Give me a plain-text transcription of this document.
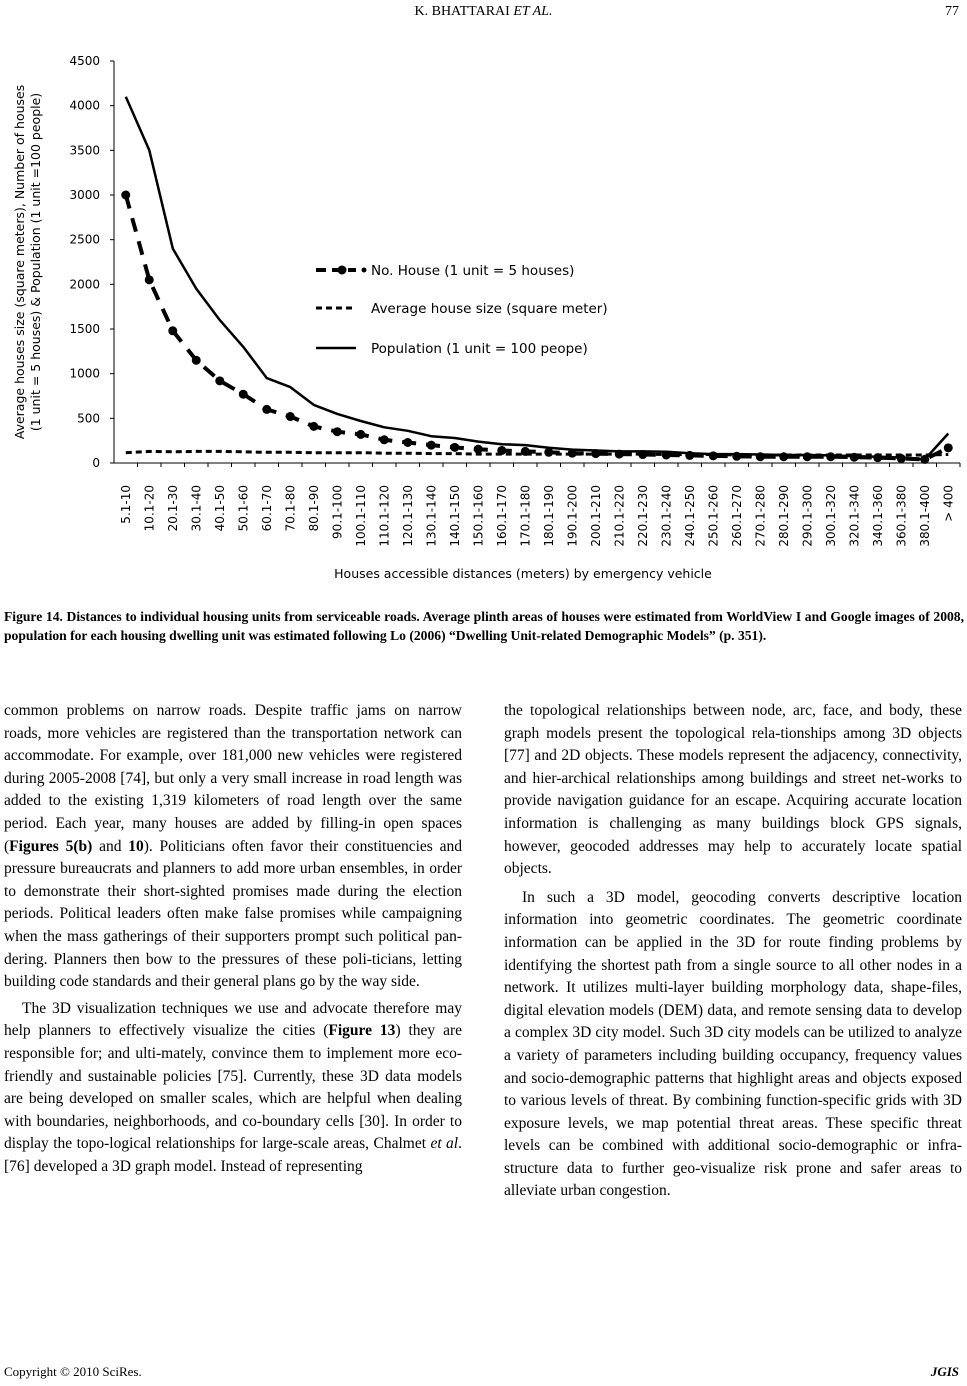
K. BHATTARAI ET AL.	77
0
500
1000
1500
2000
2500
3000
3500
4000
4500
5.1-10 10.1-20 20.1-30 30.1-40 40.1-50 50.1-60 60.1-70 70.1-80 80.1-90 90.1-100 100.1-110 110.1-120 120.1-130 130.1-140 140.1-150 150.1-160 160.1-170 170.1-180 180.1-190 190.1-200 200.1-210 210.1-220 220.1-230 230.1-240 240.1-250 250.1-260 260.1-270 270.1-280 280.1-290 290.1-300 300.1-320 320.1-340 340.1-360 360.1-380 380.1-400 > 400
Houses accessible distances (meters) by emergency vehicle
Average houses size (square meters), Number of houses (1 unit = 5 houses) & Population (1 unit =100 people)	No. House (1 unit = 5 houses)
Average house size (square meter)
Population (1 unit = 100 peope)
Figure 14. Distances to individual housing units from serviceable roads. Average plinth areas of houses were estimated from WorldView I and Google images of 2008, population for each housing dwelling unit was estimated following Lo (2006) “Dwelling Unit-related Demographic Models” (p. 351).

common problems on narrow roads. Despite traffic jams on narrow roads, more vehicles are registered than the transportation network can accommodate. For example, over 181,000 new vehicles were registered during 2005-2008 [74], but only a very small increase in road length was added to the existing 1,319 kilometers of road length over the same period. Each year, many houses are added by filling-in open spaces (Figures 5(b) and 10). Politicians often favor their constituencies and pressure bureaucrats and planners to add more urban ensembles, in order to demonstrate their short-sighted promises made during the election periods. Political leaders often make false promises while campaigning when the mass gatherings of their supporters prompt such political pan-dering. Planners then bow to the pressures of these poli-ticians, letting building code standards and their general plans go by the way side.

The 3D visualization techniques we use and advocate therefore may help planners to effectively visualize the cities (Figure 13) they are responsible for; and ulti-mately, convince them to implement more eco-friendly and sustainable policies [75]. Currently, these 3D data models are being developed on smaller scales, which are helpful when dealing with boundaries, neighborhoods, and co-boundary cells [30]. In order to display the topo-logical relationships for large-scale areas, Chalmet et al. [76] developed a 3D graph model. Instead of representing

the topological relationships between node, arc, face, and body, these graph models present the topological rela-tionships among 3D objects [77] and 2D objects. These models represent the adjacency, connectivity, and hier-archical relationships among buildings and street net-works to provide navigation guidance for an escape. Acquiring accurate location information is challenging as many buildings block GPS signals, however, geocoded addresses may help to accurately locate spatial objects.

In such a 3D model, geocoding converts descriptive location information into geometric coordinates. The geometric coordinate information can be applied in the 3D for route finding problems by identifying the shortest path from a single source to all other nodes in a network. It utilizes multi-layer building morphology data, shape-files, digital elevation models (DEM) data, and remote sensing data to develop a complex 3D city model. Such 3D city models can be utilized to analyze a variety of parameters including building occupancy, frequency values and socio-demographic patterns that highlight areas and objects exposed to various levels of threat. By combining function-specific grids with 3D exposure levels, we map potential threat areas. These specific threat levels can be combined with additional socio-demographic or infra-structure data to further geo-visualize risk prone and safer areas to alleviate urban congestion.

Copyright © 2010 SciRes.	JGIS
